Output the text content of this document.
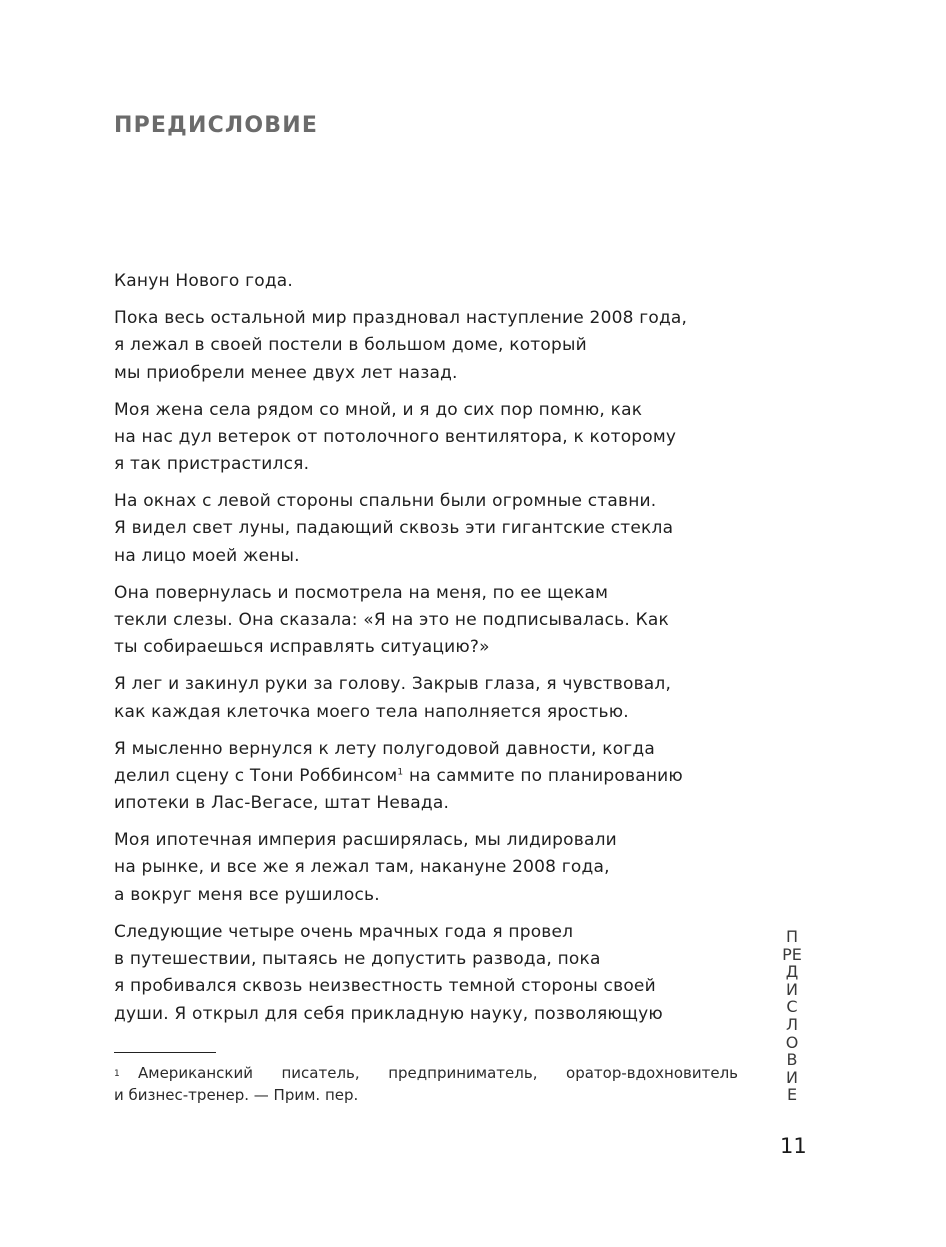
ПРЕДИСЛОВИЕ

Канун Нового года.

Пока весь остальной мир праздновал наступление 2008 года,
я лежал в своей постели в большом доме, который
мы приобрели менее двух лет назад.

Моя жена села рядом со мной, и я до сих пор помню, как
на нас дул ветерок от потолочного вентилятора, к которому
я так пристрастился.

На окнах с левой стороны спальни были огромные ставни.
Я видел свет луны, падающий сквозь эти гигантские стекла
на лицо моей жены.

Она повернулась и посмотрела на меня, по ее щекам
текли слезы. Она сказала: «Я на это не подписывалась. Как
ты собираешься исправлять ситуацию?»

Я лег и закинул руки за голову. Закрыв глаза, я чувствовал,
как каждая клеточка моего тела наполняется яростью.

Я мысленно вернулся к лету полугодовой давности, когда
делил сцену с Тони Роббинсом$^1$ на саммите по планированию
ипотеки в Лас-Вегасе, штат Невада.

Моя ипотечная империя расширялась, мы лидировали
на рынке, и все же я лежал там, накануне 2008 года,
а вокруг меня все рушилось.

Следующие четыре очень мрачных года я провел
в путешествии, пытаясь не допустить развода, пока
я пробивался сквозь неизвестность темной стороны своей
души. Я открыл для себя прикладную науку, позволяющую

1 Американский писатель, предприниматель, оратор-вдохновитель
и бизнес-тренер. — Прим. пер.
ПРЕДИСЛОВИЕ
11
